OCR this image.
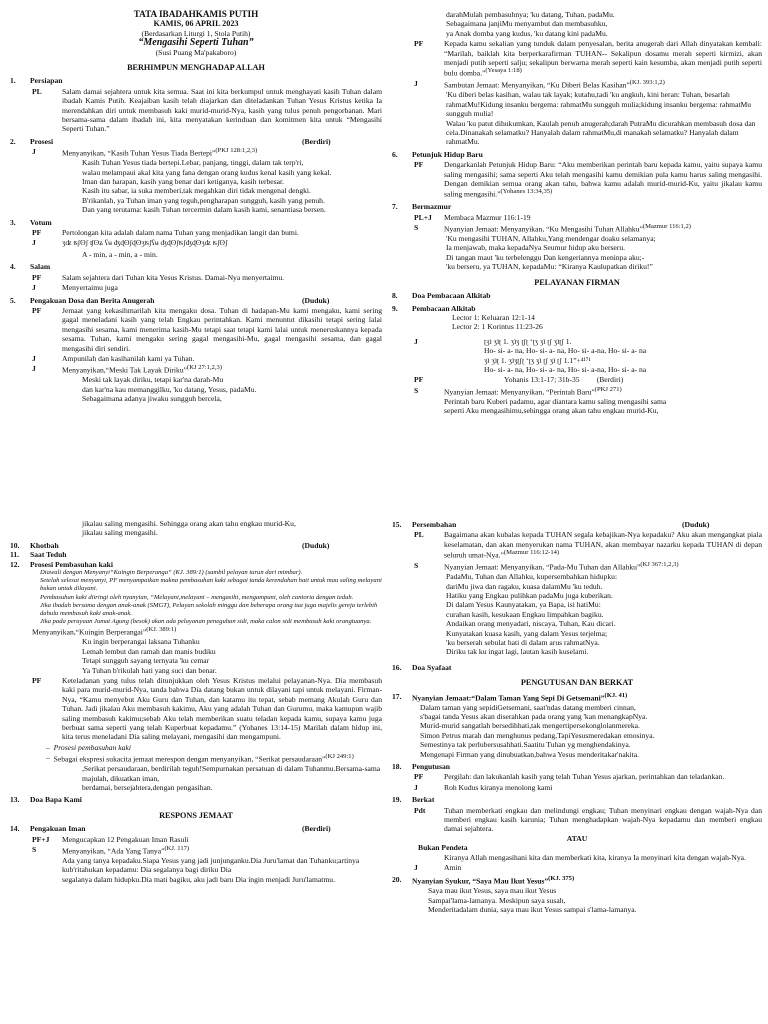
TATA IBADAHKAMIS PUTIH
KAMIS, 06 APRIL 2023
(Berdasarkan Liturgi 1, Stola Putih)
“Mengasihi Seperti Tuhan”
(Susi Puang Ma'pakaboro)
BERHIMPUN MENGHADAP ALLAH
1.	Persiapan
PL	Salam damai sejahtera untuk kita semua. Saat ini kita berkumpul untuk menghayati kasih Tuhan dalam ibadah Kamis Putih. Keajaiban kasih telah diajarkan dan diteladankan Tuhan Yesus Kristus ketika Ia merendahkan diri untuk membasuh kaki murid-murid-Nya, kasih yang tulus penuh pengorbanan. Mari bersama-sama dalam ibadah ini, kita menyatakan kerinduan dan komitmen kita untuk “Mengasihi Seperti Tuhan.”
2.	Prosesi	(Berdiri)
J	Menyanyikan, “Kasih Tuhan Yesus Tiada Bertepi”$^{(PKJ 128:1,2,3)}$
Kasih Tuhan Yesus tiada bertepi.Lebar, panjang, tinggi, dalam tak terp'ri,
walau melampaui akal kita yang fana dengan orang kudus kenal kasih yang kekal.
Iman dan harapan, kasih yang benar dari ketiganya, kasih terbesar.
Kasih itu sabar, ia suka memberi,tak megahkan diri tidak mengenal dengki.
B'rikanlah, ya Tuhan iman yang teguh,pengharapan sungguh, kasih yang penuh.
Dan yang terutama: kasih Tuhan tercermin dalam kasih kami, senantiasa bersen.
3.	Votum
PF	Pertolongan kita adalah dalam nama Tuhan yang menjadikan langit dan bumi.
J	ʒʣ ʦʃʘʃ ʧʘʑ ʕʉ ʤɖʘʃɖʘʒʦʃʕʉ ʤɖʘʃʦʃʤɖʘʒʣ ʦʃʘʃ
A - min, a - min, a - min.
4.	Salam
PF	Salam sejahtera dari Tuhan kita Yesus Kristus. Damai-Nya menyertaimu.
J	Menyertaimu juga
5.	Pengakuan Dosa dan Berita Anugerah	(Duduk)
PF	Jemaat yang kekasihmarilah kita mengaku dosa. Tuhan di hadapan-Mu kami mengaku, kami sering gagal meneladani kasih yang telah Engkau perintahkan. Kami menuntut dikasihi tetapi sering lalai mengasihi sesama, kami menerima kasih-Mu tetapi saat tetapi kami lalai untuk meneruskannya kepada sesama. Tuhan, kami mengaku sering gagal mengasihi-Mu, gagal mengasihi sesama, dan gagal mengasihi diri sendiri.
J	Ampunilah dan kasihanilah kami ya Tuhan.
J	Menyanyikan,“Meski Tak Layak Diriku”$^{(KJ 27:1,2,3)}$
Meski tak layak diriku, tetapi kar'na darah-Mu
dan kar'na kau memanggilku, 'ku datang, Yesus, padaMu.
Sebagaimana adanya jiwaku sungguh bercela,
darahMulah pembasuhnya; 'ku datang, Tuhan, padaMu.
Sebagaimana janjiMu menyambut dan membasuhku,
ya Anak domba yang kudus, 'ku datang kini padaMu.
PF	Kepada kamu sekalian yang tunduk dalam penyesalan, berita anugerah dari Allah dinyatakan kembali: “Marilah, baiklah kita berperkarafirman TUHAN-- Sekalipun dosamu merah seperti kirmizi, akan menjadi putih seperti salju; sekalipun berwarna merah seperti kain kesumba, akan menjadi putih seperti bulu domba.”$^{(Yesaya 1:18)}$
J	Sambutan Jemaat: Menyanyikan, “Ku Diberi Belas Kasihan”$^{(KJ. 393:1,2)}$
'Ku diberi belas kasihan, walau tak layak; kutahu,tadi 'ku angkuh, kini heran: Tuhan, besarlah rahmatMu!Kidung insanku bergema: rahmatMu sungguh mulia;kidung insanku bergema: rahmatMu sungguh mulia!
Walau 'ku patut dihukumkan, Kaulah penuh anugerah;darah PutraMu dicurahkan membasuh dosa dan cela.Dinanakah selamatku? Hanyalah dalam rahmatMu,di manakah selamatku? Hanyalah dalam rahmatMu.
6.	Petunjuk Hidup Baru
PF	Dengarkanlah Petunjuk Hidup Baru: “Aku memberikan perintah baru kepada kamu, yaitu supaya kamu saling mengasihi; sama seperti Aku telah mengasihi kamu demikian pula kamu harus saling mengasihi. Dengan demikian semua orang akan tahu, bahwa kamu adalah murid-murid-Ku, yaitu jikalau kamu saling mengasihi.”$^{(Yohanes 13:34,35)}$
7.	Bermazmur
PL+J	Membaca Mazmur 116:1-19
S	Nyanyian Jemaat: Menyanyikan, “Ku Mengasihi Tuhan Allahku”$^{(Mazmur 116:1,2)}$
'Ku mengasihi TUHAN, Allahku,Yang mendengar doaku selamanya;
Ia menjawab, maka kepadaNya Seumur hidup aku berseru.
Di tangan maut 'ku terbelenggu Dan kengeriannya meninpa aku;-
'ku berseru, ya TUHAN, kepadaMu: “Kiranya Kaulupatkan diriku!”
PELAYANAN FIRMAN
8.	Doa Pembacaan Alkitab
9.	Pembacaan Alkitab
Lector 1: Keluaran 12:1-14
Lector 2: 1 Korintus 11:23-26
J	ʈʒʇ ʒʇʈ 1. ʒʇʒ ʈʃʈ ‘ʈʒ ʒʇ ʈʃ ʒʇʈʃ 1.
Ho- si- a- na, Ho- si- a- na, Ho- si- a-na, Ho- si- a- na
ʒʇ ʒʇʈ 1. ʒʇʒʈʃʈ ‘ʈʒ ʒʇ ʈʃ ʒʇ ʈʃ 1.1”+⁴¹⁷¹
Ho- si- a- na, Ho- si- a- na, Ho- si- a-na, Ho- si- a- na
PF	Yohanis 13:1-17; 31b-35 (Berdiri)
S	Nyanyian Jemaat: Menyanyikan, “Perintah Baru”$^{(PKJ 271)}$
Perintah baru Kuberi padamu, agar diantara kamu saling mengasihi sama
seperti Aku mengasihimu,sehingga orang akan tahu engkau murid-Ku,
jikalau saling mengasihi. Sehingga orang akan tahu engkau murid-Ku,
jikalau saling mengasihi.
10.	Khotbah	(Duduk)
11.	Saat Teduh
12.	Prosesi Pembasuhan kaki
Diawali dengan Menyanyi“Kuingin Berperanga” (KJ. 389:1) (sambil pelayan turun dari mimbar).
Setelah selesai menyanyi, PF menyampaikan makna pembasuhan kaki sebagai tanda kerendahan hati untuk mau saling melayani bukan untuk dilayani.
Pembasuhan kaki diiringi oleh nyanyian, “Melayani,melayani – mengasihi, mengampuni, oleh cantoria dengan teduh.
Jika ibadah bersama dengan anak-anak (SMGT), Pelayan sekolah minggu dan beberapa orang tua juga majelis gereja terlebih dahulu membasuh kaki anak-anak.
Jika pada perayaan Jumat Agung (besok) akan ada pelayanan peneguhan sidi, maka calon sidi membasuh kaki orangtuanya.
Menyanyikan,“Kuingin Berperangai”$^{(KJ. 389:1)}$
Ku ingin berperangai laksana Tuhanku
Lemah lembut dan ramah dan manis budiku
Tetapi sungguh sayang ternyata 'ku cemar
Ya Tuhan b'rikulah hati yang suci dan benar.
PF	Keteladanan yang tulus telah ditunjukkan oleh Yesus Kristus melalui pelayanan-Nya. Dia membasuh kaki para murid-murid-Nya, tanda bahwa Dia datang bukan untuk dilayani tapi untuk melayani. Firman-Nya, “Kamu menyebut Aku Guru dan Tuhan, dan katamu itu tepat, sebab memang Akulah Guru dan Tuhan. Jadi jikalau Aku membasuh kakimu, Aku yang adalah Tuhan dan Gurumu, maka kamupun wajib saling membasuh kakimu;sebab Aku telah memberikan suatu teladan kepada kamu, supaya kamu juga berbuat sama seperti yang telah Kuperbuat kepadamu.” (Yohanes 13:14-15) Marilah dalam hidup ini, kita terus meneladani Dia saling melayani, mengasihi dan mengampuni.
– Prosesi pembasuhan kaki
– Sebagai ekspresi sukacita jemaat merespon dengan menyanyikan, “Serikat persaudaraan”$^{(KJ 249:1)}$
,Serikat persaudaraan, berdirilah teguh!Sempurnakan persatuan di dalam Tuhanmu.Bersama-sama majulah, dikuatkan iman,
berdamai, bersejahtera,dengan pengasihan.
13.	Doa Bapa Kami
RESPONS JEMAAT
14.	Pengakuan Iman	(Berdiri)
PF+J	Mengucapkan 12 Pengakuan Iman Rasuli
S	Menyanyikan, “Ada Yang Tanya”$^{(KJ. 117)}$
Ada yang tanya kepadaku.Siapa Yesus yang jadi junjunganku.Dia Juru'lamat dan Tuhanku;artinya kub'ritahukan kepadamu: Dia segalanya bagi diriku Dia
segalanya dalam hidupku.Dia mati bagiku, aku jadi baru Dia ingin menjadi Juru'lamatmu.
15.	Persembahan	(Duduk)
PL	Bagaimana akan kubalas kepada TUHAN segala kebajikan-Nya kepadaku? Aku akan mengangkat piala keselamatan, dan akan menyerukan nama TUHAN, akan membayar nazarku kepada TUHAN di depan seluruh umat-Nya.”$^{(Mazmur 116:12-14)}$
S	Nyanyian Jemaat: Menyanyikan, “Pada-Mu Tuhan dan Allahku”$^{(KJ 367:1,2,3)}$
PadaMu, Tuhan dan Allahku, kupersembahkan hidupku:
dariMu jiwa dan ragaku, kuasa dalamMu 'ku teduh.
Hatiku yang Engkau pulihkan padaMu juga kuberikan.
Di dalam Yesus Kaunyatakan, ya Bapa, isi hatiMu:
curahan kasih, kesukaan Engkau limpahkan bagiku.
Andaikan orang menyadari, niscaya, Tuhan, Kau dicari.
Kunyatakan kuasa kasih, yang dalam Yesus terjelma;
'ku berserah sebulat hati di dalam arus rahmatNya.
Diriku tak ku ingat lagi, lautan kasih kuselami.
16.	Doa Syafaat
PENGUTUSAN DAN BERKAT
17.	Nyanyian Jemaat:“Dalam Taman Yang Sepi Di Getsemani”$^{(KJ. 41)}$
Dalam taman yang sepidiGetsemani, saat'ndas datang memberi cinnan,
s'bagai tanda Yesus akan diserahkan pada orang yang 'kan menangkapNya.
Murid-murid sangatlah bersedihhati,tak mengertipersekonglolanmereka.
Simon Petrus marah dan menghunus pedang,TapiYesusmeredakan emosinya.
Semestinya tak perlubersusahhati.Saatitu Tuhan yg menghendakinya.
Mengenapi Firman yang dinubuatkan,bahwa Yesus menderitakar'nakita.
18.	Pengutusan
PF	Pergilah: dan lakukanlah kasih yang telah Tuhan Yesus ajarkan, perintahkan dan teladankan.
J	Roh Kudus kiranya menolong kami
19.	Berkat
Pdt	Tuhan memberkati engkau dan melindungi engkau; Tuhan menyinari engkau dengan wajah-Nya dan memberi engkau kasih karunia; Tuhan menghadapkan wajah-Nya kepadamu dan memberi engkau damai sejahtera.
ATAU
Bukan Pendeta
Kiranya Allah mengasihani kita dan memberkati kita, kiranya Ia menyinari kita dengan wajah-Nya.
J	Amin
20.	Nyanyian Syukur, “Saya Mau Ikut Yesus”$^{(KJ. 375)}$
Saya mau ikut Yesus, saya mau ikut Yesus
Sampai'lama-lamanya. Meskipun saya susah,
Menderitadalam dunia, saya mau ikut Yesus sampai s'lama-lamanya.
